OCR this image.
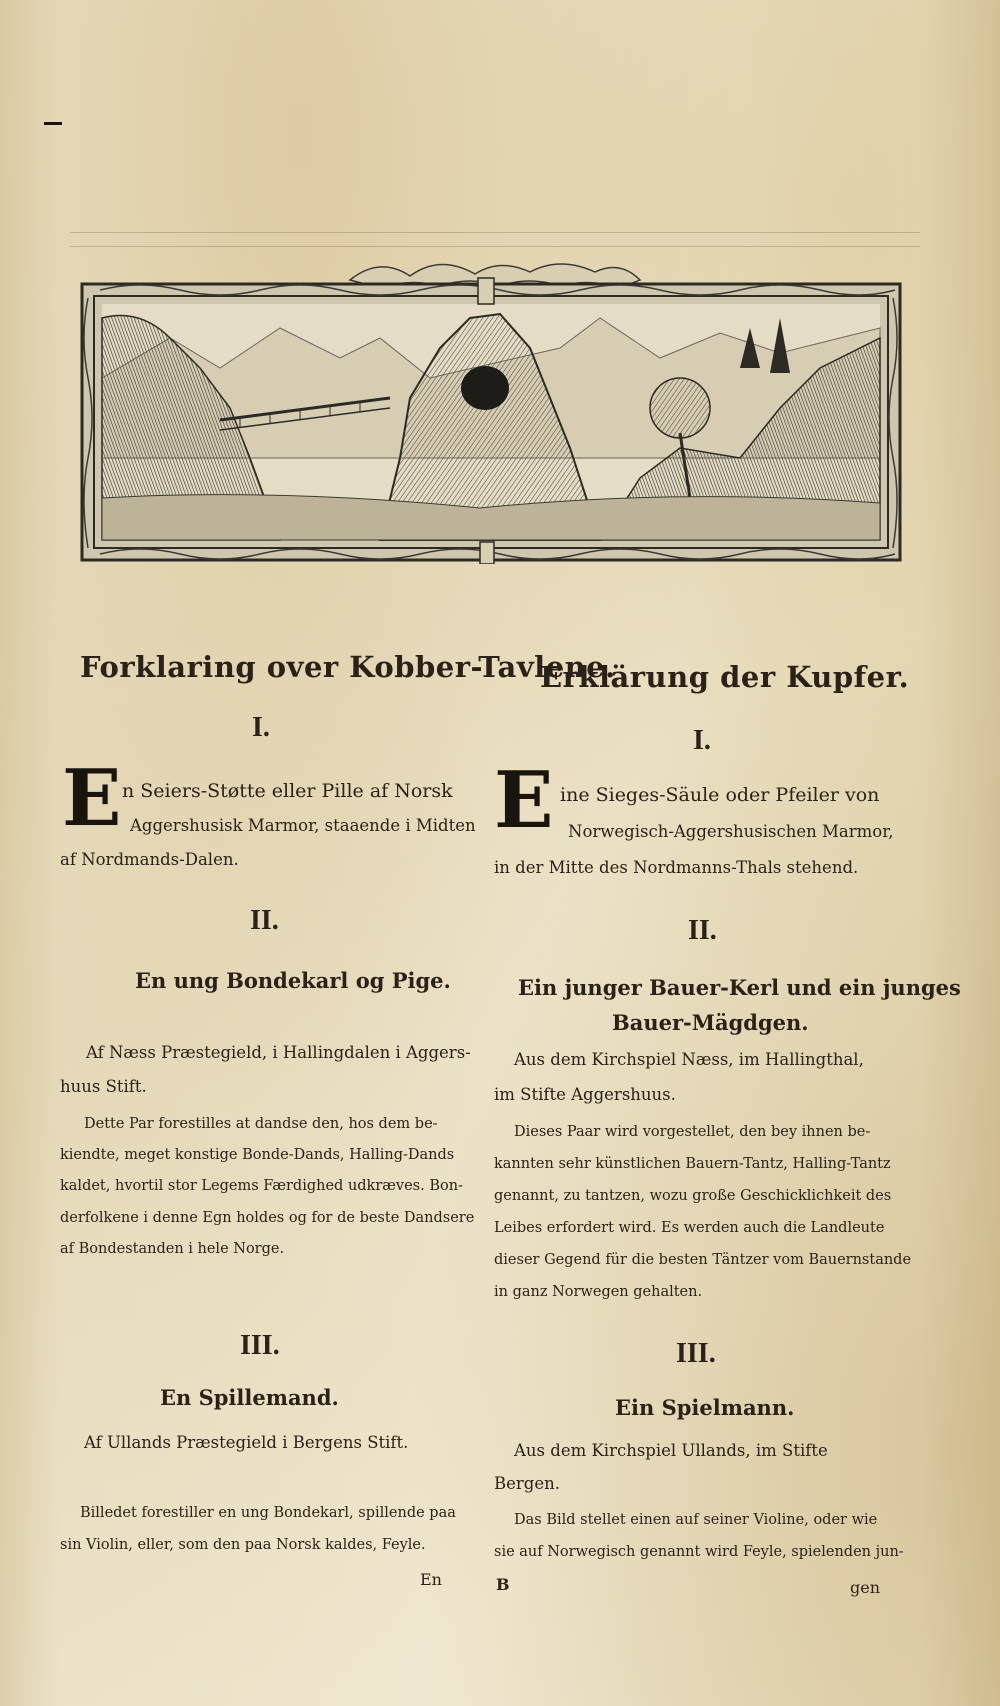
Forklaring over Kobber-Tavlene.
I.
E n Seiers-Støtte eller Pille af Norsk
Aggershusisk Marmor, staaende i Midten
af Nordmands-Dalen.
II.
En ung Bondekarl og Pige.
Af Næss Præstegield, i Hallingdalen i Aggers-
huus Stift.
Dette Par forestilles at dandse den, hos dem be-
kiendte, meget konstige Bonde-Dands, Halling-Dands
kaldet, hvortil stor Legems Færdighed udkræves. Bon-
derfolkene i denne Egn holdes og for de beste Dandsere
af Bondestanden i hele Norge.
III.
En Spillemand.
Af Ullands Præstegield i Bergens Stift.
Billedet forestiller en ung Bondekarl, spillende paa
sin Violin, eller, som den paa Norsk kaldes, Feyle.
En
Erklärung der Kupfer.
I.
E ine Sieges-Säule oder Pfeiler von
Norwegisch-Aggershusischen Marmor,
in der Mitte des Nordmanns-Thals stehend.
II.
Ein junger Bauer-Kerl und ein junges
Bauer-Mägdgen.
Aus dem Kirchspiel Næss, im Hallingthal,
im Stifte Aggershuus.
Dieses Paar wird vorgestellet, den bey ihnen be-
kannten sehr künstlichen Bauern-Tantz, Halling-Tantz
genannt, zu tantzen, wozu große Geschicklichkeit des
Leibes erfordert wird. Es werden auch die Landleute
dieser Gegend für die besten Täntzer vom Bauernstande
in ganz Norwegen gehalten.
III.
Ein Spielmann.
Aus dem Kirchspiel Ullands, im Stifte
Bergen.
Das Bild stellet einen auf seiner Violine, oder wie
sie auf Norwegisch genannt wird Feyle, spielenden jun-
B	gen
